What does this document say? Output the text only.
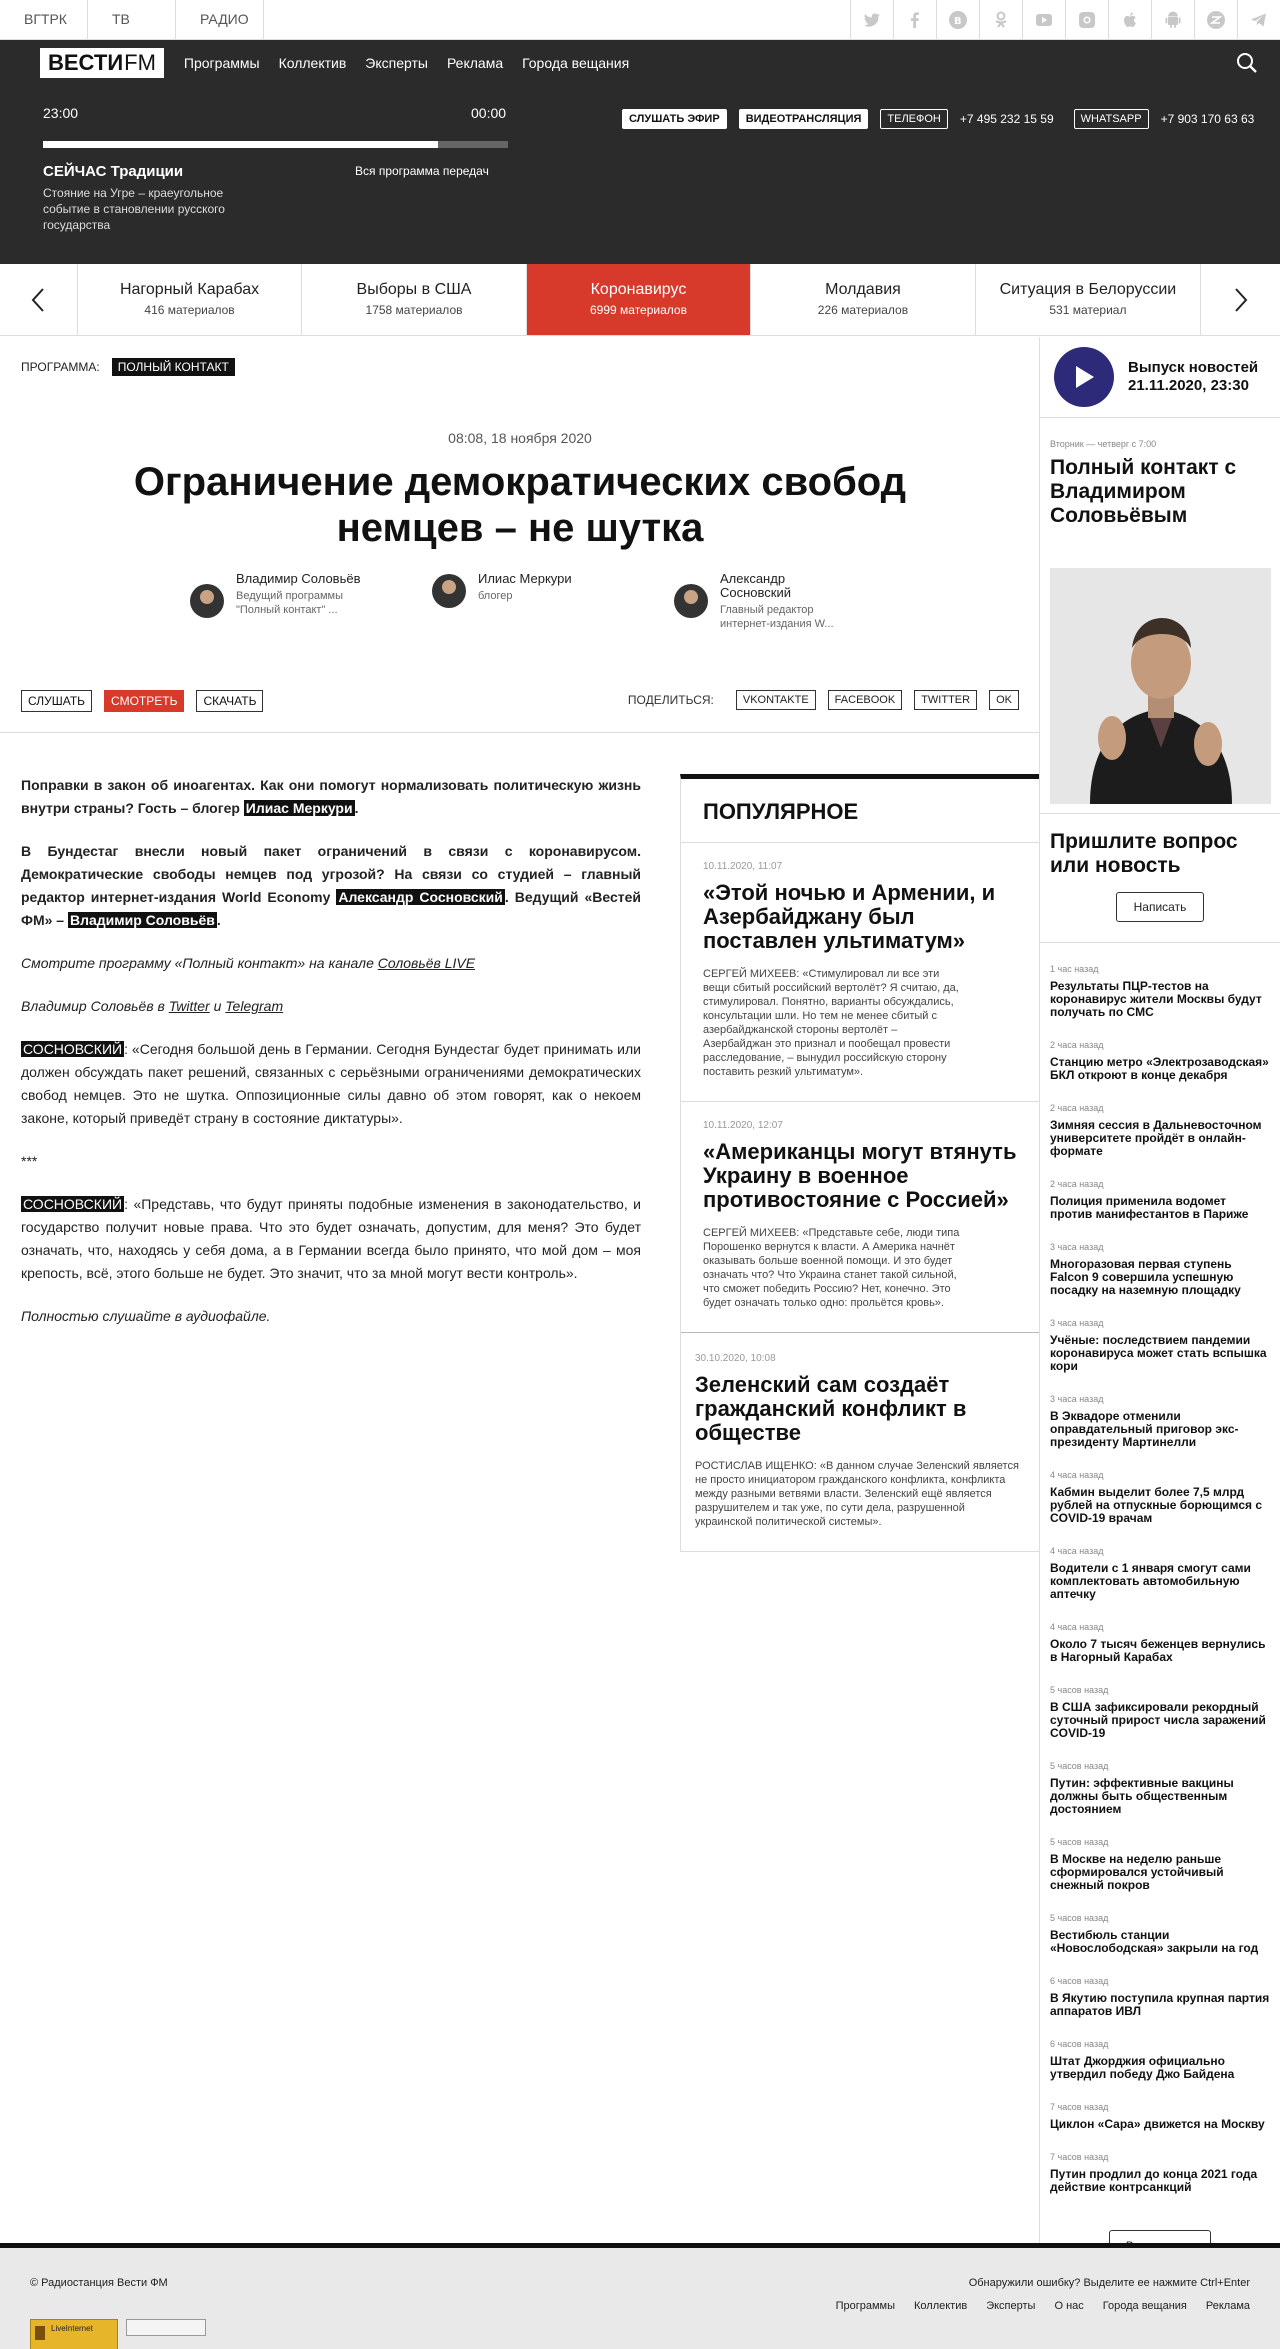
ВГТРК	ТВ	РАДИО	B
ВЕСТИ FM Программы Коллектив Эксперты Реклама Города вещания
23:00	00:00
СЕЙЧАС Традиции
Стояние на Угре – краеугольное событие в становлении русского государства
Вся программа передач
СЛУШАТЬ ЭФИР	ВИДЕОТРАНСЛЯЦИЯ	ТЕЛЕФОН	+7 495 232 15 59	WHATSAPP	+7 903 170 63 63
Нагорный Карабах
416 материалов
Выборы в США
1758 материалов
Коронавирус
6999 материалов
Молдавия
226 материалов
Ситуация в Белоруссии
531 материал
ПРОГРАММА:	ПОЛНЫЙ КОНТАКТ
08:08, 18 ноября 2020
Ограничение демократических свобод немцев – не шутка
Владимир Соловьёв
Ведущий программы "Полный контакт" ...
Илиас Меркури
блогер
Александр Сосновский
Главный редактор интернет-издания W...
СЛУШАТЬ	СМОТРЕТЬ	СКАЧАТЬ	ПОДЕЛИТЬСЯ:	VKONTAKTE	FACEBOOK	TWITTER	OK

Поправки в закон об иноагентах. Как они помогут нормализовать политическую жизнь внутри страны? Гость – блогер Илиас Меркури .

В Бундестаг внесли новый пакет ограничений в связи с коронавирусом. Демократические свободы немцев под угрозой? На связи со студией – главный редактор интернет-издания World Economy Александр Сосновский . Ведущий «Вестей ФМ» – Владимир Соловьёв .

Смотрите программу «Полный контакт» на канале Соловьёв LIVE

Владимир Соловьёв в Twitter и Telegram

СОСНОВСКИЙ : «Сегодня большой день в Германии. Сегодня Бундестаг будет принимать или должен обсуждать пакет решений, связанных с серьёзными ограничениями демократических свобод немцев. Это не шутка. Оппозиционные силы давно об этом говорят, как о некоем законе, который приведёт страну в состояние диктатуры».

***

СОСНОВСКИЙ : «Представь, что будут приняты подобные изменения в законодательство, и государство получит новые права. Что это будет означать, допустим, для меня? Это будет означать, что, находясь у себя дома, а в Германии всегда было принято, что мой дом – моя крепость, всё, этого больше не будет. Это значит, что за мной могут вести контроль».

Полностью слушайте в аудиофайле.

ПОПУЛЯРНОЕ
10.11.2020, 11:07
«Этой ночью и Армении, и Азербайджану был поставлен ультиматум»
СЕРГЕЙ МИХЕЕВ: «Стимулировал ли все эти вещи сбитый российский вертолёт? Я считаю, да, стимулировал. Понятно, варианты обсуждались, консультации шли. Но тем не менее сбитый с азербайджанской стороны вертолёт – Азербайджан это признал и пообещал провести расследование, – вынудил российскую сторону поставить резкий ультиматум».
10.11.2020, 12:07
«Американцы могут втянуть Украину в военное противостояние с Россией»
СЕРГЕЙ МИХЕЕВ: «Представьте себе, люди типа Порошенко вернутся к власти. А Америка начнёт оказывать больше военной помощи. И это будет означать что? Что Украина станет такой сильной, что сможет победить Россию? Нет, конечно. Это будет означать только одно: прольётся кровь».
30.10.2020, 10:08
Зеленский сам создаёт гражданский конфликт в обществе
РОСТИСЛАВ ИЩЕНКО: «В данном случае Зеленский является не просто инициатором гражданского конфликта, конфликта между разными ветвями власти. Зеленский ещё является разрушителем и так уже, по сути дела, разрушенной украинской политической системы».
Выпуск новостей 21.11.2020, 23:30
Вторник — четверг с 7:00
Полный контакт с Владимиром Соловьёвым
Пришлите вопрос или новость
Написать
1 час назад
Результаты ПЦР-тестов на коронавирус жители Москвы будут получать по СМС
2 часа назад
Станцию метро «Электрозаводская» БКЛ откроют в конце декабря
2 часа назад
Зимняя сессия в Дальневосточном университете пройдёт в онлайн-формате
2 часа назад
Полиция применила водомет против манифестантов в Париже
3 часа назад
Многоразовая первая ступень Falcon 9 совершила успешную посадку на наземную площадку
3 часа назад
Учёные: последствием пандемии коронавируса может стать вспышка кори
3 часа назад
В Эквадоре отменили оправдательный приговор экс-президенту Мартинелли
4 часа назад
Кабмин выделит более 7,5 млрд рублей на отпускные борющимся с COVID-19 врачам
4 часа назад
Водители с 1 января смогут сами комплектовать автомобильную аптечку
4 часа назад
Около 7 тысяч беженцев вернулись в Нагорный Карабах
5 часов назад
В США зафиксировали рекордный суточный прирост числа заражений COVID-19
5 часов назад
Путин: эффективные вакцины должны быть общественным достоянием
5 часов назад
В Москве на неделю раньше сформировался устойчивый снежный покров
5 часов назад
Вестибюль станции «Новослободская» закрыли на год
6 часов назад
В Якутию поступила крупная партия аппаратов ИВЛ
6 часов назад
Штат Джорджия официально утвердил победу Джо Байдена
7 часов назад
Циклон «Сара» движется на Москву
7 часов назад
Путин продлил до конца 2021 года действие контрсанкций
© Радиостанция Вести ФМ	Обнаружили ошибку? Выделите ее нажмите Ctrl+Enter
Программы Коллектив Эксперты О нас Города вещания Реклама
LiveInternet
